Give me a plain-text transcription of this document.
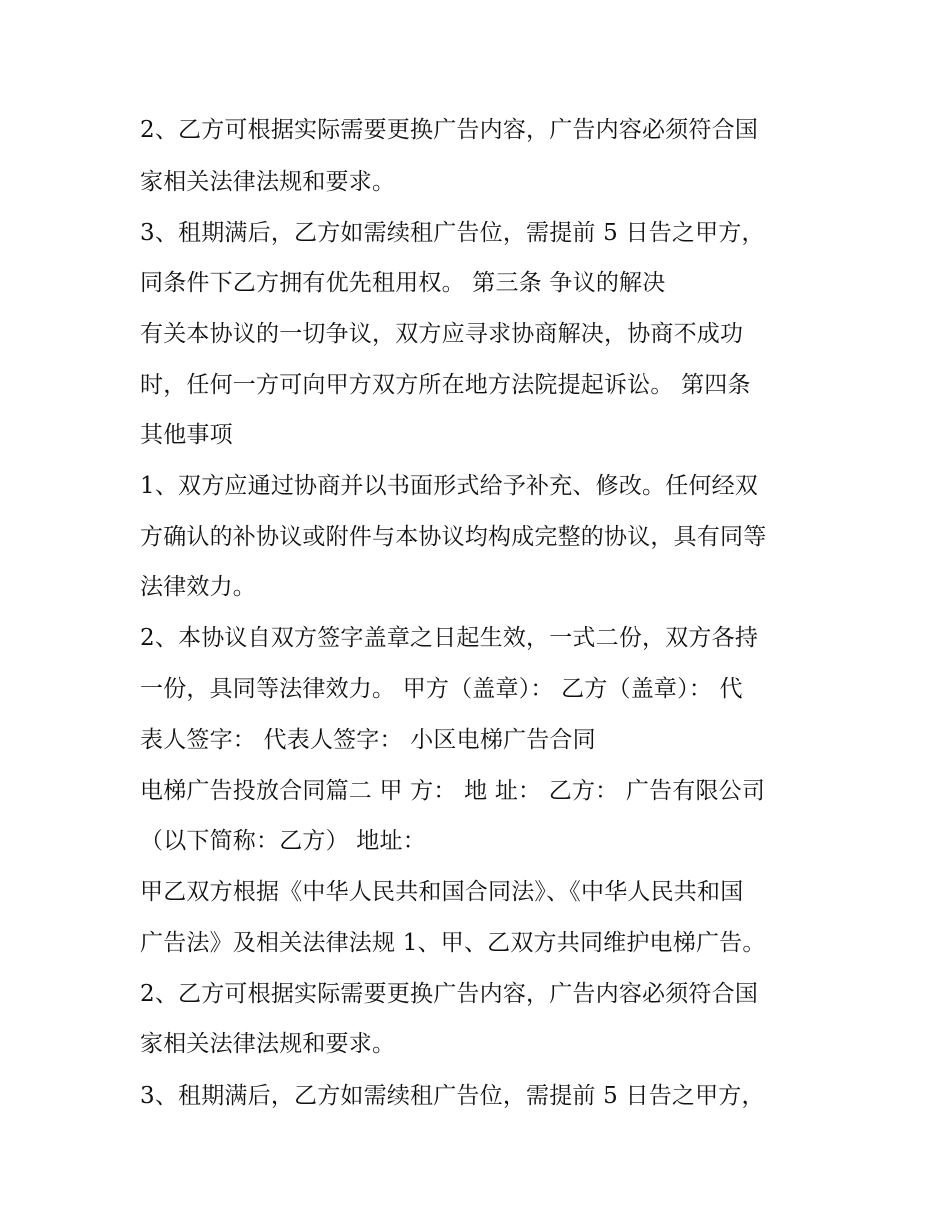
2、乙方可根据实际需要更换广告内容，广告内容必须符合国

家相关法律法规和要求。

3、租期满后，乙方如需续租广告位，需提前 5 日告之甲方，

同条件下乙方拥有优先租用权。 第三条 争议的解决

有关本协议的一切争议，双方应寻求协商解决，协商不成功

时，任何一方可向甲方双方所在地方法院提起诉讼。 第四条

其他事项

1、双方应通过协商并以书面形式给予补充、修改。任何经双

方确认的补协议或附件与本协议均构成完整的协议，具有同等

法律效力。

2、本协议自双方签字盖章之日起生效，一式二份，双方各持

一份，具同等法律效力。 甲方（盖章）： 乙方（盖章）： 代

表人签字： 代表人签字： 小区电梯广告合同

电梯广告投放合同篇二 甲 方： 地 址： 乙方： 广告有限公司

（以下简称：乙方） 地址：

甲乙双方根据《中华人民共和国合同法》、《中华人民共和国

广告法》及相关法律法规 1、甲、乙双方共同维护电梯广告。

2、乙方可根据实际需要更换广告内容，广告内容必须符合国

家相关法律法规和要求。

3、租期满后，乙方如需续租广告位，需提前 5 日告之甲方，
